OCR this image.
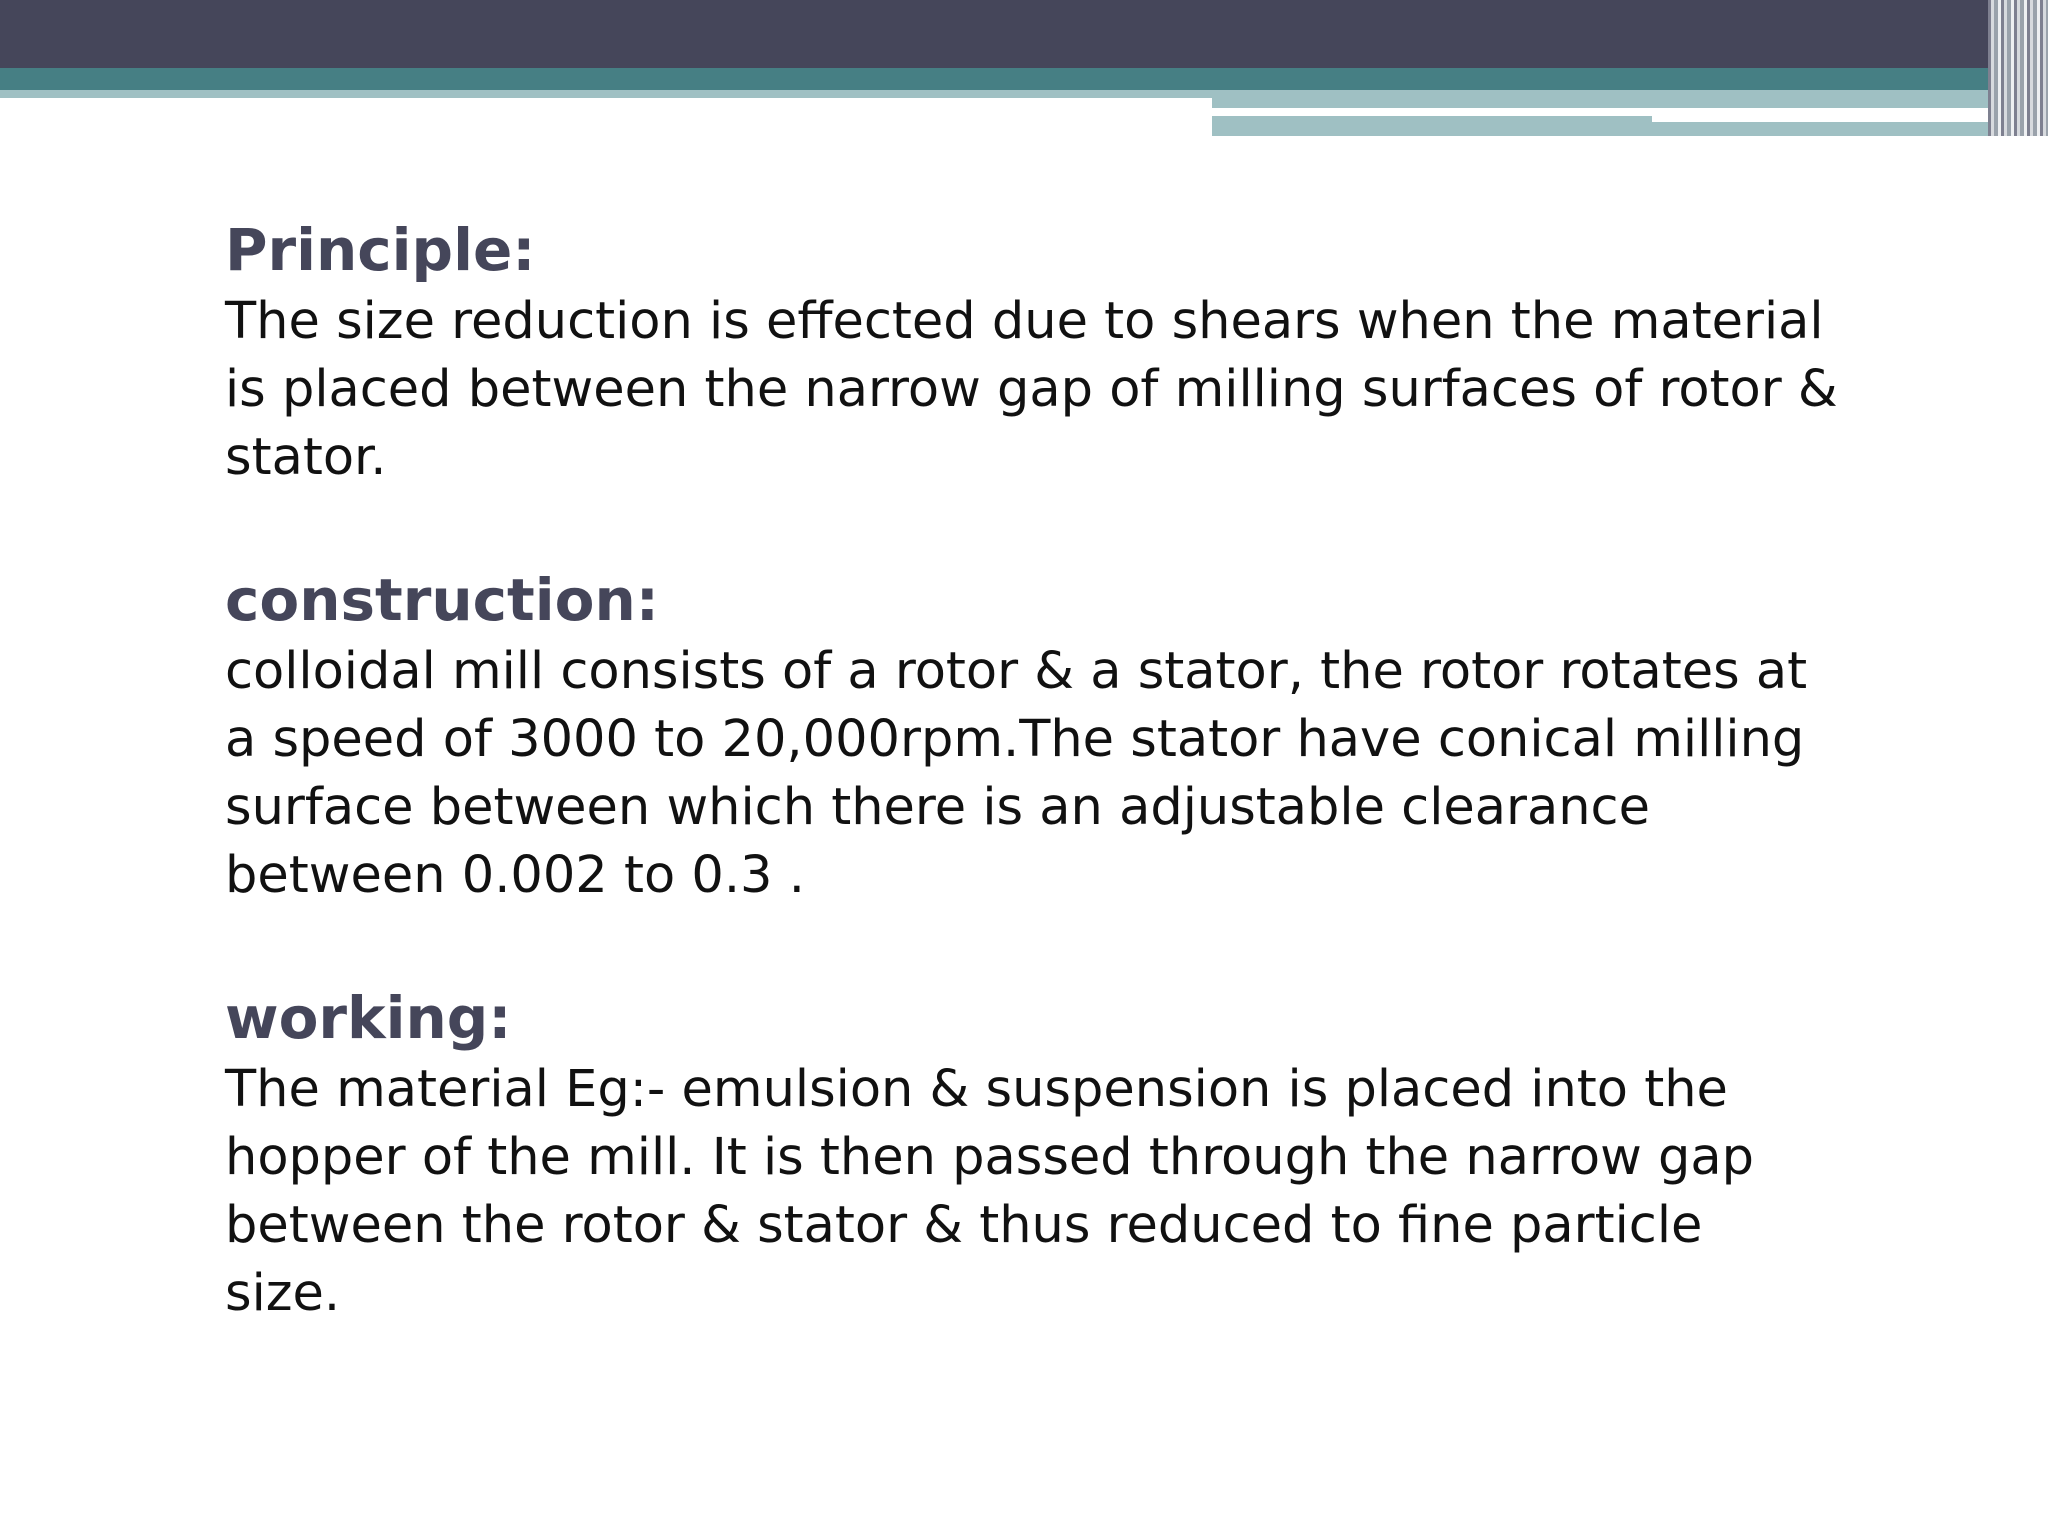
Principle:

The size reduction is effected due to shears when the material
is placed between the narrow gap of milling surfaces of rotor &
stator.

construction:

colloidal mill consists of a rotor & a stator, the rotor rotates at
a speed of 3000 to 20,000rpm.The stator have conical milling
surface between which there is an adjustable clearance
between 0.002 to 0.3 .

working:

The material Eg:- emulsion & suspension is placed into the
hopper of the mill. It is then passed through the narrow gap
between the rotor & stator & thus reduced to fine particle
size.
